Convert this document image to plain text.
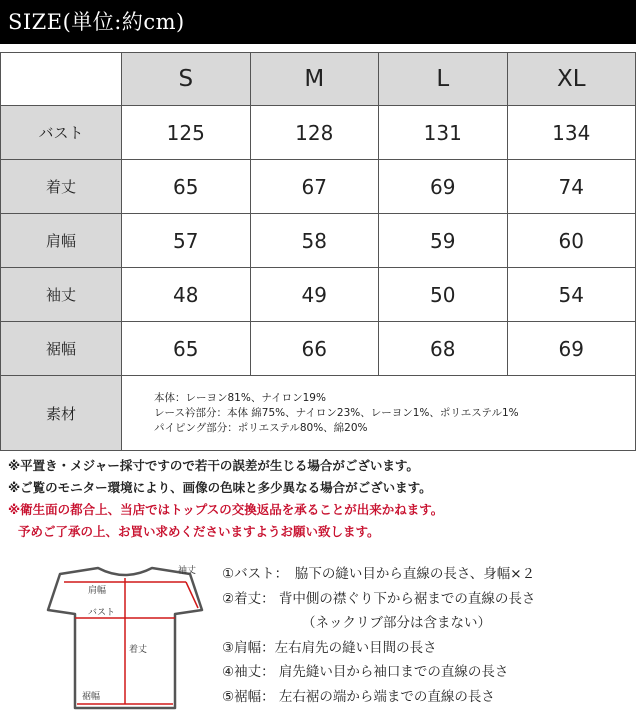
SIZE(単位:約cm)
	S	M	L	XL
バスト	125	128	131	134
着丈	65	67	69	74
肩幅	57	58	59	60
袖丈	48	49	50	54
裾幅	65	66	68	69
素材	本体：レーヨン81%、ナイロン19%
レース衿部分：本体 綿75%、ナイロン23%、レーヨン1%、ポリエステル1%
パイピング部分：ポリエステル80%、綿20%			
※平置き・メジャー採寸ですので若干の誤差が生じる場合がございます。
※ご覧のモニター環境により、画像の色味と多少異なる場合がございます。
※衛生面の都合上、当店ではトップスの交換返品を承ることが出来かねます。
予めご了承の上、お買い求めくださいますようお願い致します。
肩幅
袖丈
バスト
着丈
裾幅
①バスト：　脇下の縫い目から直線の長さ、身幅×２
②着丈： 背中側の襟ぐり下から裾までの直線の長さ
（ネックリブ部分は含まない）
③肩幅：左右肩先の縫い目間の長さ
④袖丈： 肩先縫い目から袖口までの直線の長さ
⑤裾幅： 左右裾の端から端までの直線の長さ
